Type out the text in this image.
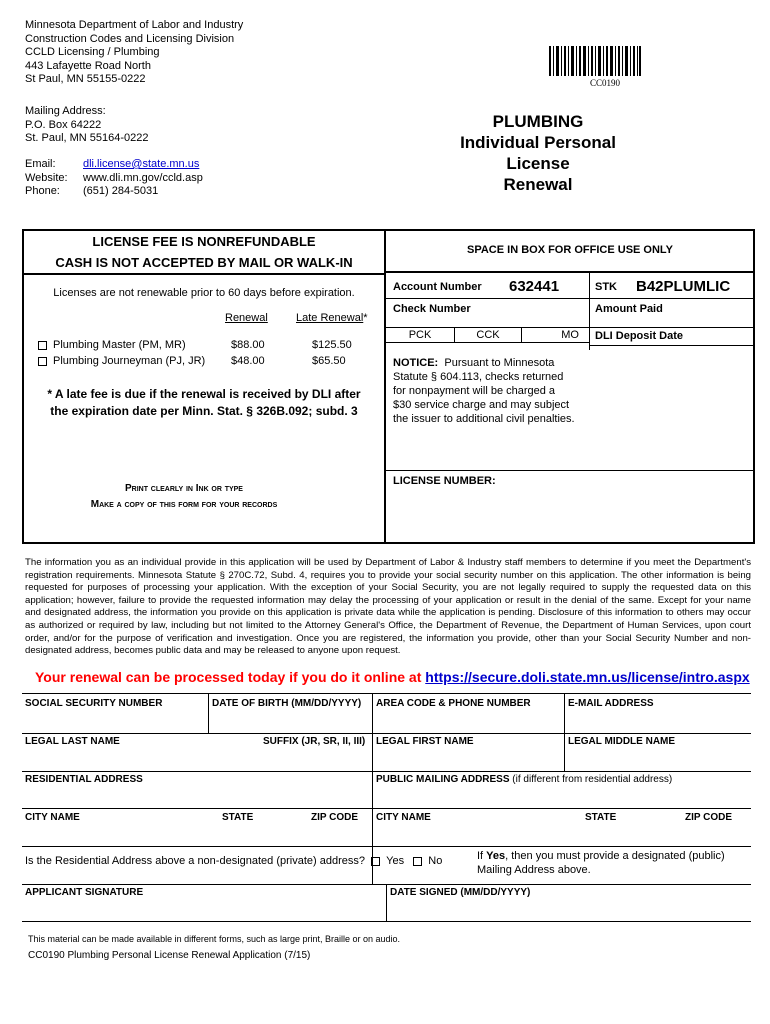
Minnesota Department of Labor and Industry
Construction Codes and Licensing Division
CCLD Licensing / Plumbing
443 Lafayette Road North
St Paul, MN 55155-0222
Mailing Address:
P.O. Box 64222
St. Paul, MN 55164-0222
Email: dli.license@state.mn.us
Website: www.dli.mn.gov/ccld.asp
Phone: (651) 284-5031
CC0190
PLUMBING
Individual Personal License
Renewal
LICENSE FEE IS NONREFUNDABLE
CASH IS NOT ACCEPTED BY MAIL OR WALK-IN
Licenses are not renewable prior to 60 days before expiration.
Renewal	Late Renewal*
Plumbing Master (PM, MR)	$88.00	$125.50
Plumbing Journeyman (PJ, JR) $48.00	$65.50
* A late fee is due if the renewal is received by DLI after
the expiration date per Minn. Stat. § 326B.092; subd. 3
Print clearly in Ink or type
Make a copy of this form for your records
SPACE IN BOX FOR OFFICE USE ONLY
Account Number 632441	STK B42PLUMLIC
Check Number	Amount Paid
PCK	CCK	MO	DLI Deposit Date
NOTICE: Pursuant to Minnesota
Statute § 604.113, checks returned
for nonpayment will be charged a
$30 service charge and may subject
the issuer to additional civil penalties.
LICENSE NUMBER:
The information you as an individual provide in this application will be used by Department of Labor & Industry staff members to determine if you meet the Department's registration requirements. Minnesota Statute § 270C.72, Subd. 4, requires you to provide your social security number on this application. The other information is being requested for purposes of processing your application. With the exception of your Social Security, you are not legally required to supply the requested data on this application; however, failure to provide the requested information may delay the processing of your application or result in the denial of the same. Except for your name and designated address, the information you provide on this application is private data while the application is pending. Disclosure of this information to others may occur as authorized or required by law, including but not limited to the Attorney General's Office, the Department of Revenue, the Department of Human Services, upon court order, and/or for the purpose of verification and investigation. Once you are registered, the information you provide, other than your Social Security Number and non-designated address, becomes public data and may be released to anyone upon request.
Your renewal can be processed today if you do it online at https://secure.doli.state.mn.us/license/intro.aspx
SOCIAL SECURITY NUMBER	DATE OF BIRTH (MM/DD/YYYY) AREA CODE & PHONE NUMBER	E-MAIL ADDRESS
LEGAL LAST NAME	SUFFIX (JR, SR, II, III) LEGAL FIRST NAME	LEGAL MIDDLE NAME
RESIDENTIAL ADDRESS	PUBLIC MAILING ADDRESS (if different from residential address)
CITY NAME	STATE	ZIP CODE CITY NAME	STATE	ZIP CODE
Is the Residential Address above a non-designated (private) address? Yes No	If Yes, then you must provide a designated (public)
Mailing Address above.
APPLICANT SIGNATURE	DATE SIGNED (MM/DD/YYYY)
This material can be made available in different forms, such as large print, Braille or on audio.
CC0190 Plumbing Personal License Renewal Application (7/15)
